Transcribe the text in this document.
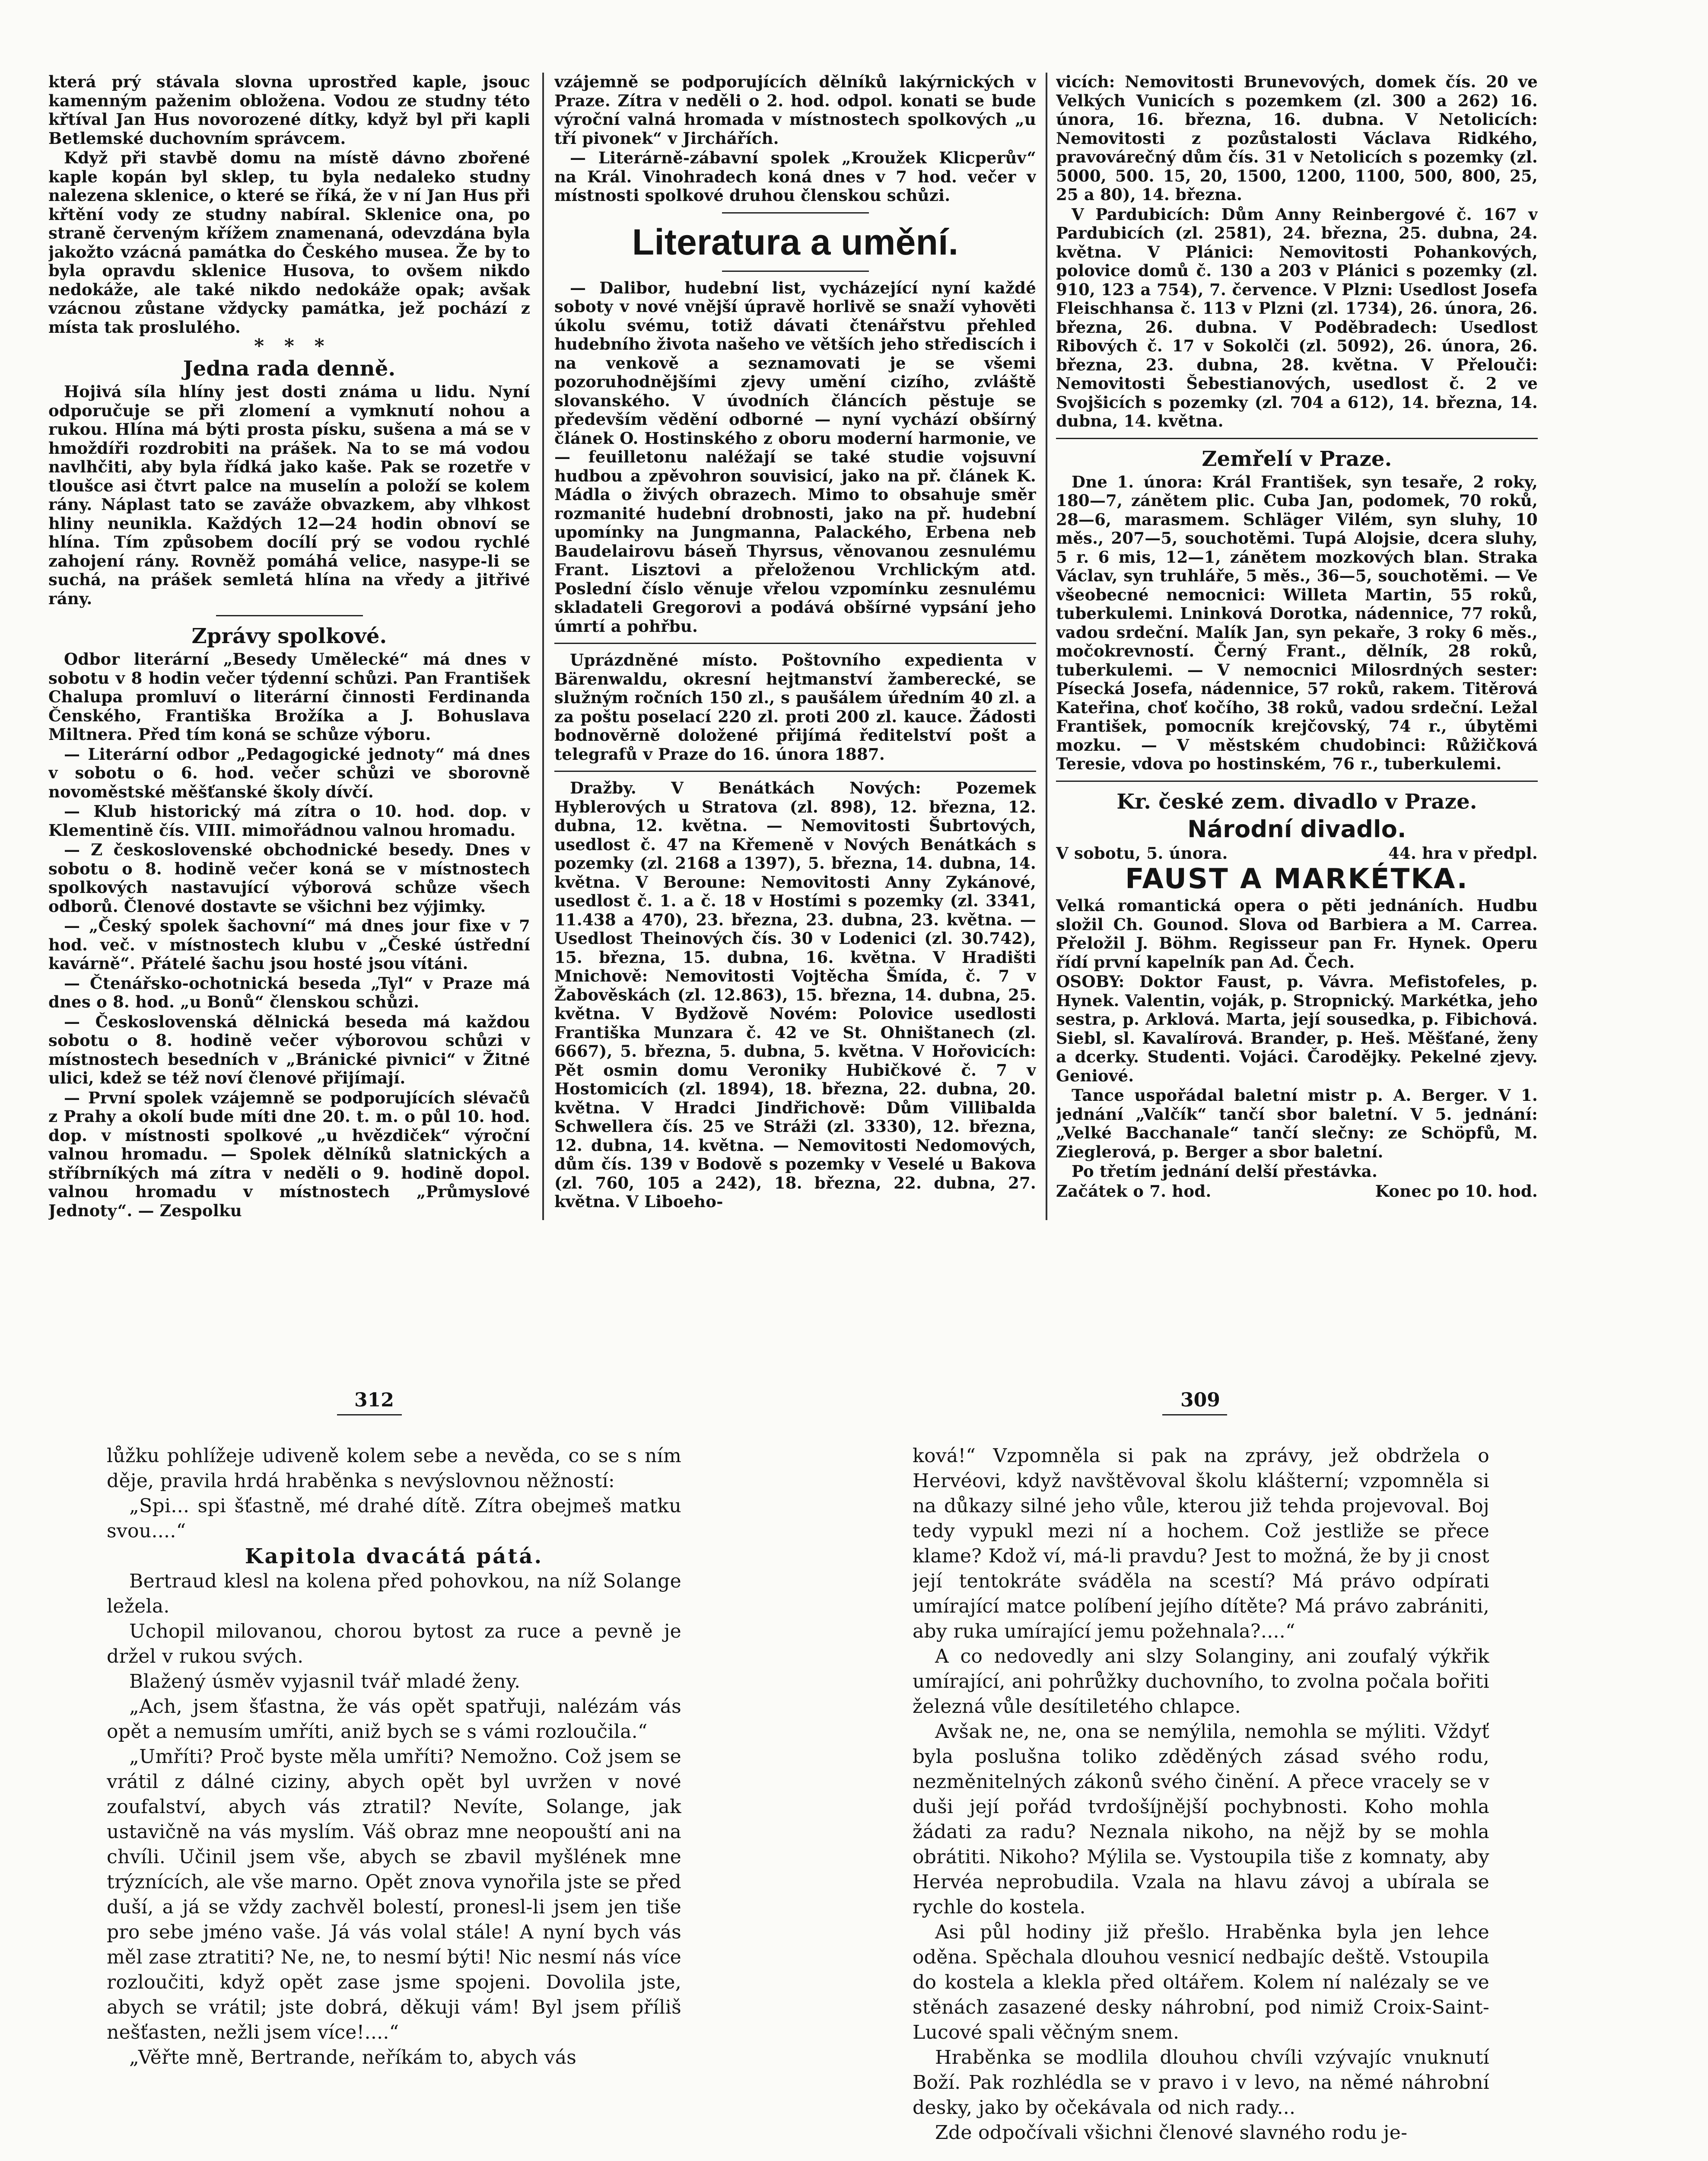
která prý stávala slovna uprostřed kaple, jsouc kamenným paženim obložena. Vodou ze studny této křtíval Jan Hus novorozené dítky, když byl při kapli Betlemské duchovním správcem.

Když při stavbě domu na místě dávno zbořené kaple kopán byl sklep, tu byla nedaleko studny nalezena sklenice, o které se říká, že v ní Jan Hus při křtění vody ze studny nabíral. Sklenice ona, po straně červeným křížem znamenaná, odevzdána byla jakožto vzácná památka do Českého musea. Že by to byla opravdu sklenice Husova, to ovšem nikdo nedokáže, ale také nikdo nedokáže opak; avšak vzácnou zůstane vždycky památka, jež pochází z místa tak proslulého.

*   *   *

Jednа rada denně.

Hojivá síla hlíny jest dosti známa u lidu. Nyní odporučuje se při zlomení a vymknutí nohou a rukou. Hlína má býti prosta písku, sušena a má se v hmoždíři rozdrobiti na prášek. Na to se má vodou navlhčiti, aby byla řídká jako kaše. Pak se rozetře v tloušce asi čtvrt palce na muselín a položí se kolem rány. Náplast tato se zaváže obvazkem, aby vlhkost hliny neunikla. Každých 12—24 hodin obnoví se hlína. Tím způsobem docílí prý se vodou rychlé zahojení rány. Rovněž pomáhá velice, nasype-li se suchá, na prášek semletá hlína na vředy a jitřivé rány.

Zprávy spolkové.

Odbor literární „Besedy Umělecké“ má dnes v sobotu v 8 hodin večer týdenní schůzi. Pan František Chalupa promluví o literární činnosti Ferdinanda Čenského, Františka Brožíka a J. Bohuslava Miltnera. Před tím koná se schůze výboru.

— Literární odbor „Pedagogické jednoty“ má dnes v sobotu o 6. hod. večer schůzi ve sborovně novoměstské měšťanské školy dívčí.

— Klub historický má zítra o 10. hod. dop. v Klementině čís. VIII. mimořádnou valnou hromadu.

— Z československé obchodnické besedy. Dnes v sobotu o 8. hodině večer koná se v místnostech spolkových nastavující výborová schůze všech odborů. Členové dostavte se všichni bez výjimky.

— „Český spolek šachovní“ má dnes jour fixe v 7 hod. več. v místnostech klubu v „České ústřední kavárně“. Přátelé šachu jsou hosté jsou vítáni.

— Čtenářsko-ochotnická beseda „Tyl“ v Praze má dnes o 8. hod. „u Bonů“ členskou schůzi.

— Československá dělnická beseda má každou sobotu o 8. hodině večer výborovou schůzi v místnostech besedních v „Bránické pivnici“ v Žitné ulici, kdež se též noví členové přijímají.

— První spolek vzájemně se podporujících slévačů z Prahy a okolí bude míti dne 20. t. m. o půl 10. hod. dop. v místnosti spolkové „u hvězdiček“ výroční valnou hromadu. — Spolek dělníků slatnických a stříbrníkých má zítra v neděli o 9. hodině dopol. valnou hromadu v místnostech „Průmyslové Jednoty“. — Zespolku

vzájemně se podporujících dělníků lakýrnických v Praze. Zítra v neděli o 2. hod. odpol. konati se bude výroční valná hromada v místnostech spolkových „u tří pivonek“ v Jirchářích.

— Literárně-zábavní spolek „Kroužek Klicperův“ na Král. Vinohradech koná dnes v 7 hod. večer v místnosti spolkové druhou členskou schůzi.

Literatura a umění.

— Dalibor, hudební list, vycházející nyní každé soboty v nové vnější úpravě horlivě se snaží vyhověti úkolu svému, totiž dávati čtenářstvu přehled hudebního života našeho ve větších jeho střediscích i na venkově a seznamovati je se všemi pozoruhodnějšími zjevy umění cizího, zvláště slovanského. V úvodních článcích pěstuje se především vědění odborné — nyní vychází obšírný článek O. Hostinského z oboru moderní harmonie, ve — feuilletonu naléžají se také studie vojsuvní hudbou a zpěvohron souvisicí, jako na př. článek K. Mádla o živých obrazech. Mimo to obsahuje směr rozmanité hudební drobnosti, jako na př. hudební upomínky na Jungmanna, Palackého, Erbena neb Baudelairovu báseň Thyrsus, věnovanou zesnulému Frant. Lisztovi a přeloženou Vrchlickým atd. Poslední číslo věnuje vřelou vzpomínku zesnulému skladateli Gregorovi a podává obšírné vypsání jeho úmrtí a pohřbu.

Uprázdněné místo. Poštovního expedienta v Bärenwaldu, okresní hejtmanství žamberecké, se služným ročních 150 zl., s paušálem úředním 40 zl. a za poštu poselací 220 zl. proti 200 zl. kauce. Žádosti bodnověrně doložené přijímá ředitelství pošt a telegrafů v Praze do 16. února 1887.

Dražby. V Benátkách Nových: Pozemek Hyblerových u Stratova (zl. 898), 12. března, 12. dubna, 12. května. — Nemovitosti Šubrtových, usedlost č. 47 na Křemeně v Nových Benátkách s pozemky (zl. 2168 a 1397), 5. března, 14. dubna, 14. května. V Beroune: Nemovitosti Anny Zykánové, usedlost č. 1. a č. 18 v Hostími s pozemky (zl. 3341, 11.438 a 470), 23. března, 23. dubna, 23. května. — Usedlost Theinových čís. 30 v Lodenici (zl. 30.742), 15. března, 15. dubna, 16. května. V Hradišti Mnichově: Nemovitosti Vojtěcha Šmída, č. 7 v Žabověskách (zl. 12.863), 15. března, 14. dubna, 25. května. V Bydžově Novém: Polovice usedlosti Františka Munzara č. 42 ve St. Ohništanech (zl. 6667), 5. března, 5. dubna, 5. května. V Hořovicích: Pět osmin domu Veroniky Hubičkové č. 7 v Hostomicích (zl. 1894), 18. března, 22. dubna, 20. května. V Hradci Jindřichově: Dům Villibalda Schwellera čís. 25 ve Stráži (zl. 3330), 12. března, 12. dubna, 14. května. — Nemovitosti Nedomových, dům čís. 139 v Bodově s pozemky v Veselé u Bakova (zl. 760, 105 a 242), 18. března, 22. dubna, 27. května. V Liboeho-

vicích: Nemovitosti Brunevových, domek čís. 20 ve Velkých Vunicích s pozemkem (zl. 300 a 262) 16. února, 16. března, 16. dubna. V Netolicích: Nemovitosti z pozůstalosti Václava Ridkého, pravovárečný dům čís. 31 v Netolicích s pozemky (zl. 5000, 500. 15, 20, 1500, 1200, 1100, 500, 800, 25, 25 a 80), 14. března.

V Pardubicích: Dům Anny Reinbergové č. 167 v Pardubicích (zl. 2581), 24. března, 25. dubna, 24. května. V Plánici: Nemovitosti Pohankových, polovice domů č. 130 a 203 v Plánici s pozemky (zl. 910, 123 a 754), 7. července. V Plzni: Usedlost Josefa Fleischhansa č. 113 v Plzni (zl. 1734), 26. února, 26. března, 26. dubna. V Poděbradech: Usedlost Ribových č. 17 v Sokolči (zl. 5092), 26. února, 26. března, 23. dubna, 28. května. V Přelouči: Nemovitosti Šebestianových, usedlost č. 2 ve Svojšicích s pozemky (zl. 704 a 612), 14. března, 14. dubna, 14. května.

Zemřelí v Praze.

Dne 1. února: Král František, syn tesaře, 2 roky, 180—7, zánětem plic. Cuba Jan, podomek, 70 roků, 28—6, marasmem. Schläger Vilém, syn sluhy, 10 měs., 207—5, souchotěmi. Tupá Alojsie, dcera sluhy, 5 r. 6 mis, 12—1, zánětem mozkových blan. Straka Václav, syn truhláře, 5 měs., 36—5, souchotěmi. — Ve všeobecné nemocnici: Willeta Martin, 55 roků, tuberkulemi. Lninková Dorotka, nádennice, 77 roků, vadou srdeční. Malík Jan, syn pekaře, 3 roky 6 měs., močokrevností. Černý Frant., dělník, 28 roků, tuberkulemi. — V nemocnici Milosrdných sester: Písecká Josefa, nádennice, 57 roků, rakem. Titěrová Kateřina, choť kočího, 38 roků, vadou srdeční. Ležal František, pomocník krejčovský, 74 r., úbytěmi mozku. — V městském chudobinci: Růžičková Teresie, vdova po hostinském, 76 r., tuberkulemi.

Kr. české zem. divadlo v Praze.

Národní divadlo.

V sobotu, 5. února.	44. hra v předpl.

FAUST A MARKÉTKA.

Velká romantická opera o pěti jednáních. Hudbu složil Ch. Gounod. Slova od Barbiera a M. Carrea. Přeložil J. Böhm. Regisseur pan Fr. Hynek. Operu řídí první kapelník pan Ad. Čech.

OSOBY: Doktor Faust, p. Vávra. Mefistofeles, p. Hynek. Valentin, voják, p. Stropnický. Markétka, jeho sestra, p. Arklová. Marta, její sousedka, p. Fibichová. Siebl, sl. Kavalírová. Brander, p. Heš. Měšťané, ženy a dcerky. Studenti. Vojáci. Čarodějky. Pekelné zjevy. Geniové.

Tance uspořádal baletní mistr p. A. Berger. V 1. jednání „Valčík“ tančí sbor baletní. V 5. jednání: „Velké Bacchanale“ tančí slečny: ze Schöpfů, M. Zieglerová, p. Berger a sbor baletní.

Po třetím jednání delší přestávka.

Začátek o 7. hod.	Konec po 10. hod.
312	309

lůžku pohlížeje udiveně kolem sebe a nevěda, co se s ním děje, pravila hrdá hraběnka s nevýslovnou něžností:

„Spi... spi šťastně, mé drahé dítě. Zítra obejmeš matku svou....“

Kapitola dvacátá pátá.

Bertraud klesl na kolena před pohovkou, na níž Solange ležela.

Uchopil milovanou, chorou bytost za ruce a pevně je držel v rukou svých.

Blažený úsměv vyjasnil tvář mladé ženy.

„Ach, jsem šťastna, že vás opět spatřuji, nalézám vás opět a nemusím umříti, aniž bych se s vámi rozloučila.“

„Umříti? Proč byste měla umříti? Nemožno. Což jsem se vrátil z dálné ciziny, abych opět byl uvržen v nové zoufalství, abych vás ztratil? Nevíte, Solange, jak ustavičně na vás myslím. Váš obraz mne neopouští ani na chvíli. Učinil jsem vše, abych se zbavil myšlének mne trýznících, ale vše marno. Opět znova vynořila jste se před duší, a já se vždy zachvěl bolestí, pronesl-li jsem jen tiše pro sebe jméno vaše. Já vás volal stále! A nyní bych vás měl zase ztratiti? Ne, ne, to nesmí býti! Nic nesmí nás více rozloučiti, když opět zase jsme spojeni. Dovolila jste, abych se vrátil; jste dobrá, děkuji vám! Byl jsem příliš nešťasten, nežli jsem více!....“

„Věřte mně, Bertrande, neříkám to, abych vás

ková!“ Vzpomněla si pak na zprávy, jež obdržela o Hervéovi, když navštěvoval školu klášterní; vzpomněla si na důkazy silné jeho vůle, kterou již tehda projevoval. Boj tedy vypukl mezi ní a hochem. Což jestliže se přece klame? Kdož ví, má-li pravdu? Jest to možná, že by ji cnost její tentokráte sváděla na scestí? Má právo odpírati umírající matce políbení jejího dítěte? Má právo zabrániti, aby ruka umírající jemu požehnala?....“

A co nedovedly ani slzy Solanginy, ani zoufalý výkřik umírající, ani pohrůžky duchovního, to zvolna počala bořiti železná vůle desítiletého chlapce.

Avšak ne, ne, ona se nemýlila, nemohla se mýliti. Vždyť byla poslušna toliko zděděných zásad svého rodu, nezměnitelných zákonů svého činění. A přece vracely se v duši její pořád tvrdošíjnější pochybnosti. Koho mohla žádati za radu? Neznala nikoho, na nějž by se mohla obrátiti. Nikoho? Mýlila se. Vystoupila tiše z komnaty, aby Hervéa neprobudila. Vzala na hlavu závoj a ubírala se rychle do kostela.

Asi půl hodiny již přešlo. Hraběnka byla jen lehce oděna. Spěchala dlouhou vesnicí nedbajíc deště. Vstoupila do kostela a klekla před oltářem. Kolem ní nalézaly se ve stěnách zasazené desky náhrobní, pod nimiž Croix-Saint-Lucové spali věčným snem.

Hraběnka se modlila dlouhou chvíli vzývajíc vnuknutí Boží. Pak rozhlédla se v pravo i v levo, na němé náhrobní desky, jako by očekávala od nich rady...

Zde odpočívali všichni členové slavného rodu je-
